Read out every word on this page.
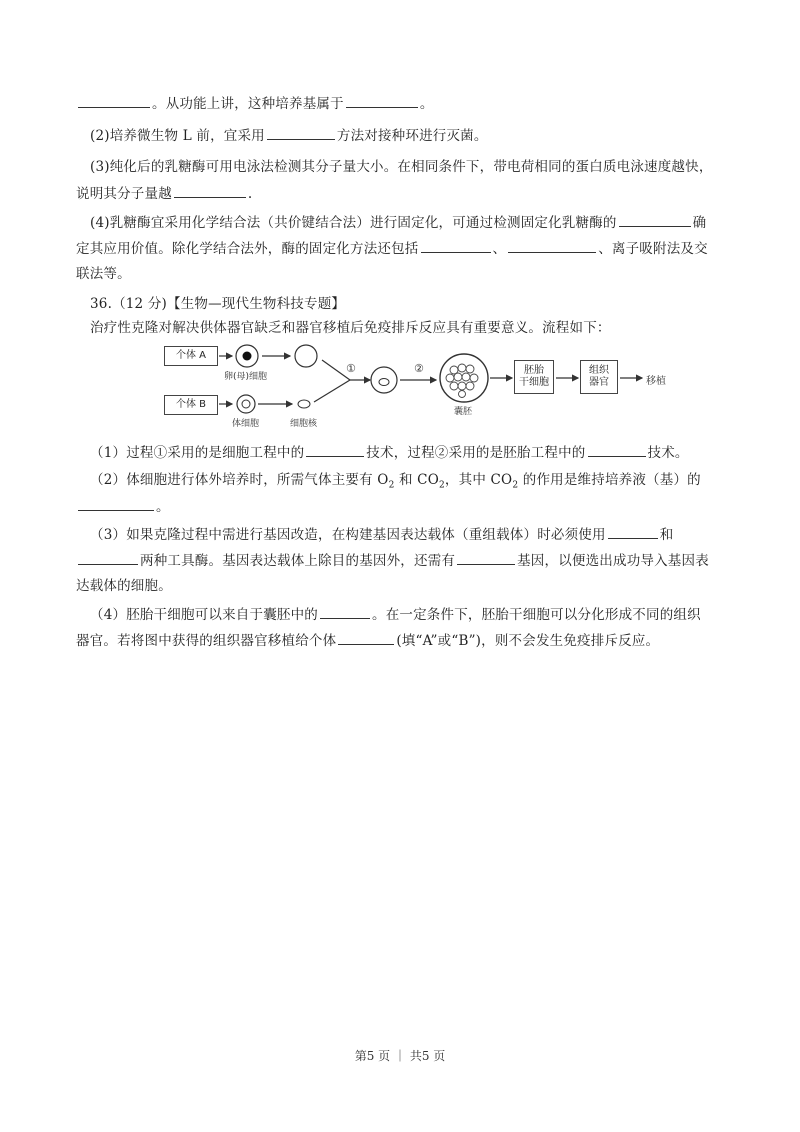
。从功能上讲，这种培养基属于	。
(2)培养微生物 L 前，宜采用	方法对接种环进行灭菌。
(3)纯化后的乳糖酶可用电泳法检测其分子量大小。在相同条件下，带电荷相同的蛋白质电泳速度越快，
说明其分子量越	.
(4)乳糖酶宜采用化学结合法（共价键结合法）进行固定化，可通过检测固定化乳糖酶的	确
定其应用价值。除化学结合法外，酶的固定化方法还包括	、	、离子吸附法及交
联法等。
36.（12 分)【生物—现代生物科技专题】
治疗性克隆对解决供体器官缺乏和器官移植后免疫排斥反应具有重要意义。流程如下：
个体 A
个体 B
卵(母)细胞
体细胞	细胞核
①	②
囊胚
胚胎
干细胞
组织
器官	移植
（1）过程①采用的是细胞工程中的	技术，过程②采用的是胚胎工程中的	技术。
（2）体细胞进行体外培养时，所需气体主要有 $O_2$ 和 $CO_2$，其中 $CO_2$ 的作用是维持培养液（基）的
。
（3）如果克隆过程中需进行基因改造，在构建基因表达载体（重组载体）时必须使用	和
两种工具酶。基因表达载体上除目的基因外，还需有	基因，以便选出成功导入基因表
达载体的细胞。
（4）胚胎干细胞可以来自于囊胚中的	。在一定条件下，胚胎干细胞可以分化形成不同的组织
器官。若将图中获得的组织器官移植给个体	(填“A”或“B”)，则不会发生免疫排斥反应。
第5 页 ｜ 共5 页
